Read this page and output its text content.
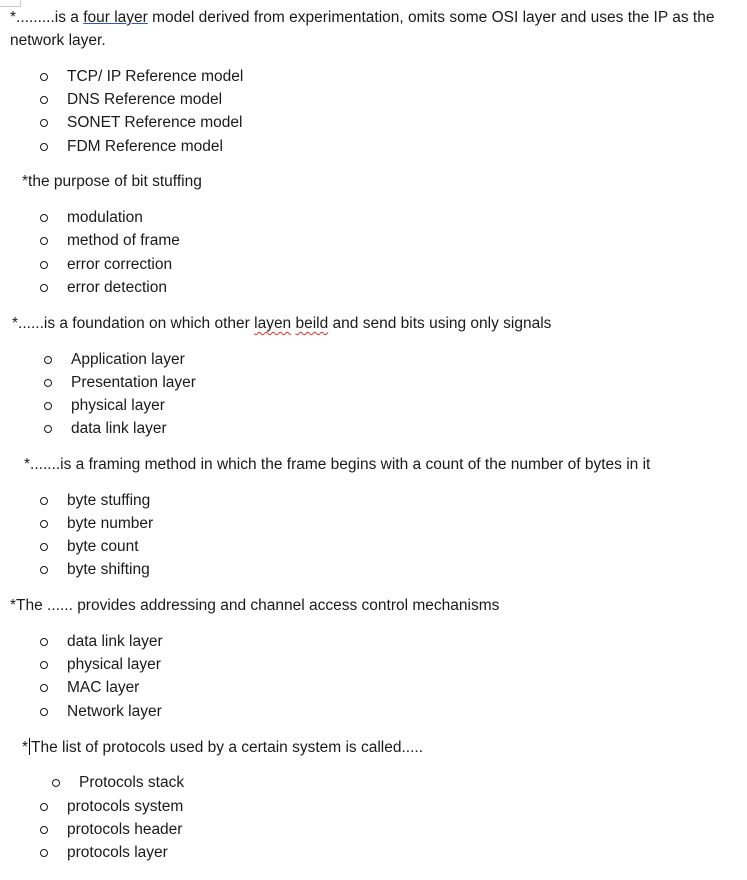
*.........is a four layer model derived from experimentation, omits some OSI layer and uses the IP as the network layer.
TCP/ IP Reference model
DNS Reference model
SONET Reference model
FDM Reference model
*the purpose of bit stuffing
modulation
method of frame
error correction
error detection
*......is a foundation on which other layen beild and send bits using only signals
Application layer
Presentation layer
physical layer
data link layer
*.......is a framing method in which the frame begins with a count of the number of bytes in it
byte stuffing
byte number
byte count
byte shifting
*The ...... provides addressing and channel access control mechanisms
data link layer
physical layer
MAC layer
Network layer
* The list of protocols used by a certain system is called.....
Protocols stack
protocols system
protocols header
protocols layer
